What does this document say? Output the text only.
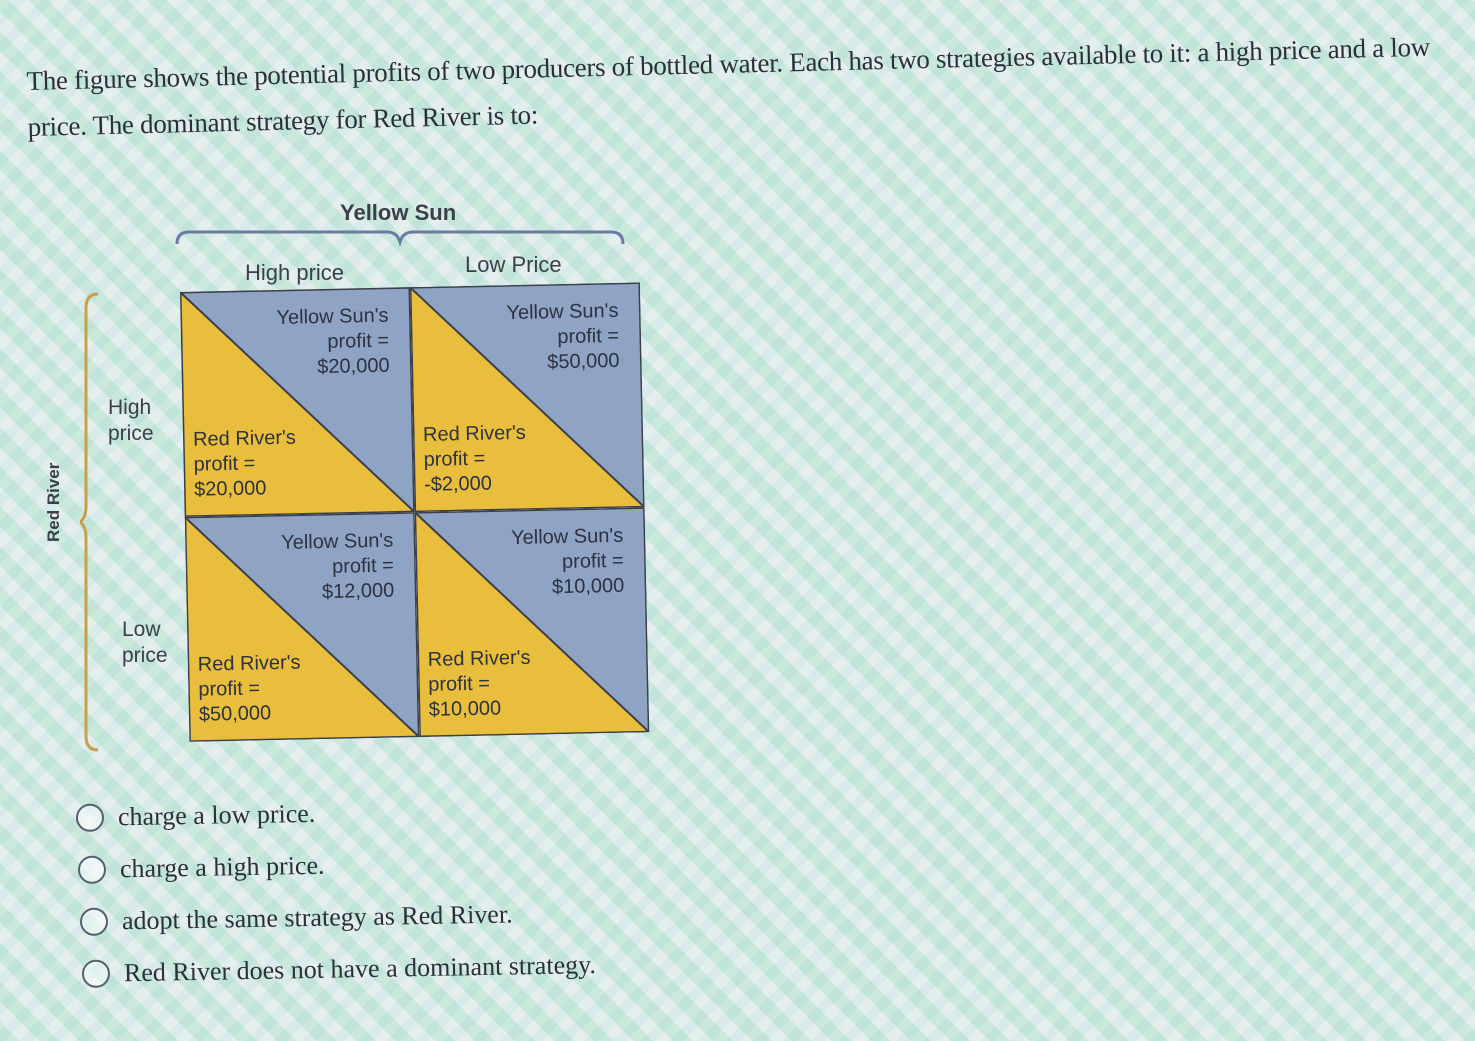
The figure shows the potential profits of two producers of bottled water. Each has two strategies available to it: a high price and a low price. The dominant strategy for Red River is to:
Yellow Sun
High price	Low Price
Red River
High
price
Low
price
Yellow Sun's
profit =
$20,000
Red River's
profit =
$20,000
Yellow Sun's
profit =
$50,000
Red River's
profit =
-$2,000
Yellow Sun's
profit =
$12,000
Red River's
profit =
$50,000
Yellow Sun's
profit =
$10,000
Red River's
profit =
$10,000
charge a low price.
charge a high price.
adopt the same strategy as Red River.
Red River does not have a dominant strategy.
